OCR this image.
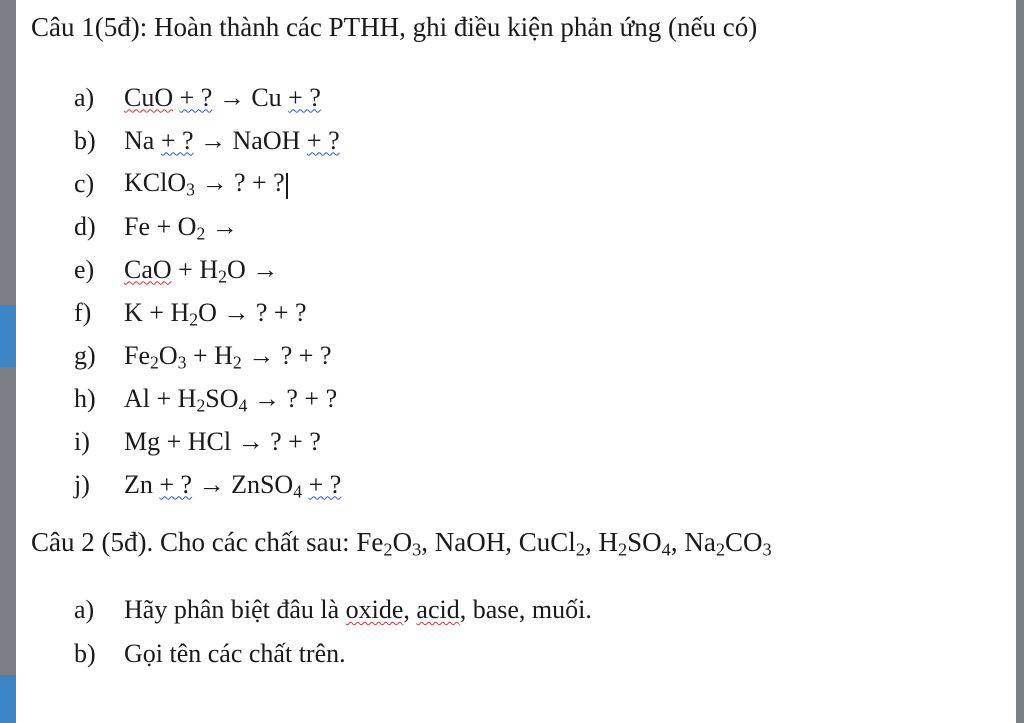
Câu 1(5đ): Hoàn thành các PTHH, ghi điều kiện phản ứng (nếu có)
a)	CuO + ? → Cu + ?
b)	Na + ? → NaOH + ?
c)	KClO$_3$ → ? + ?
d)	$Fe + O_2$ →
e)	CaO + $H_2O$ →
f)	$K + H_2O$ → ? + ?
g)	$Fe_2O_3 + H_2$ → ? + ?
h)	$Al + H_2SO_4$ → ? + ?
i)	Mg + HCl → ? + ?
j)	Zn + ? → ZnSO$_4$ + ?
Câu 2 (5đ). Cho các chất sau: $Fe_2O_3$, NaOH, CuCl$_2$, $H_2SO_4$, $Na_2CO_3$
a)	Hãy phân biệt đâu là oxide, acid, base, muối.
b)	Gọi tên các chất trên.
